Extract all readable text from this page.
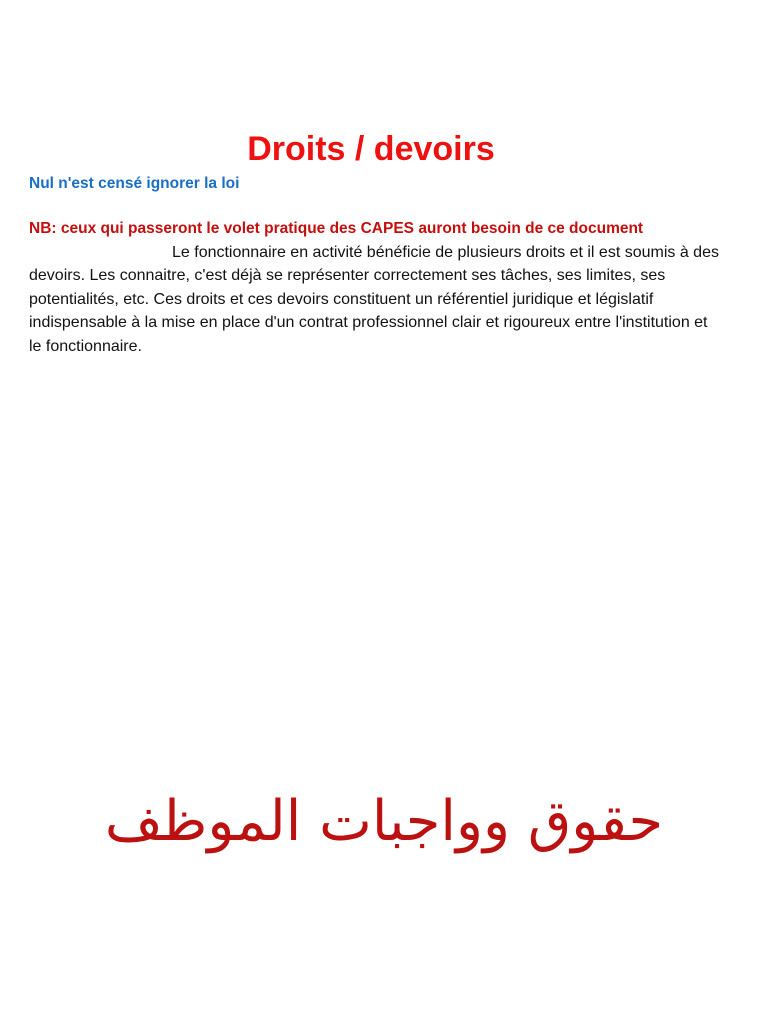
Droits / devoirs
Nul n'est censé ignorer la loi
NB: ceux qui passeront le volet pratique des CAPES auront besoin de ce document

Le fonctionnaire en activité bénéficie de plusieurs droits et il est soumis à des devoirs. Les connaitre, c'est déjà se représenter correctement ses tâches, ses limites, ses potentialités, etc. Ces droits et ces devoirs constituent un référentiel juridique et législatif indispensable à la mise en place d'un contrat professionnel clair et rigoureux entre l'institution et le fonctionnaire.

حقوق وواجبات الموظف
